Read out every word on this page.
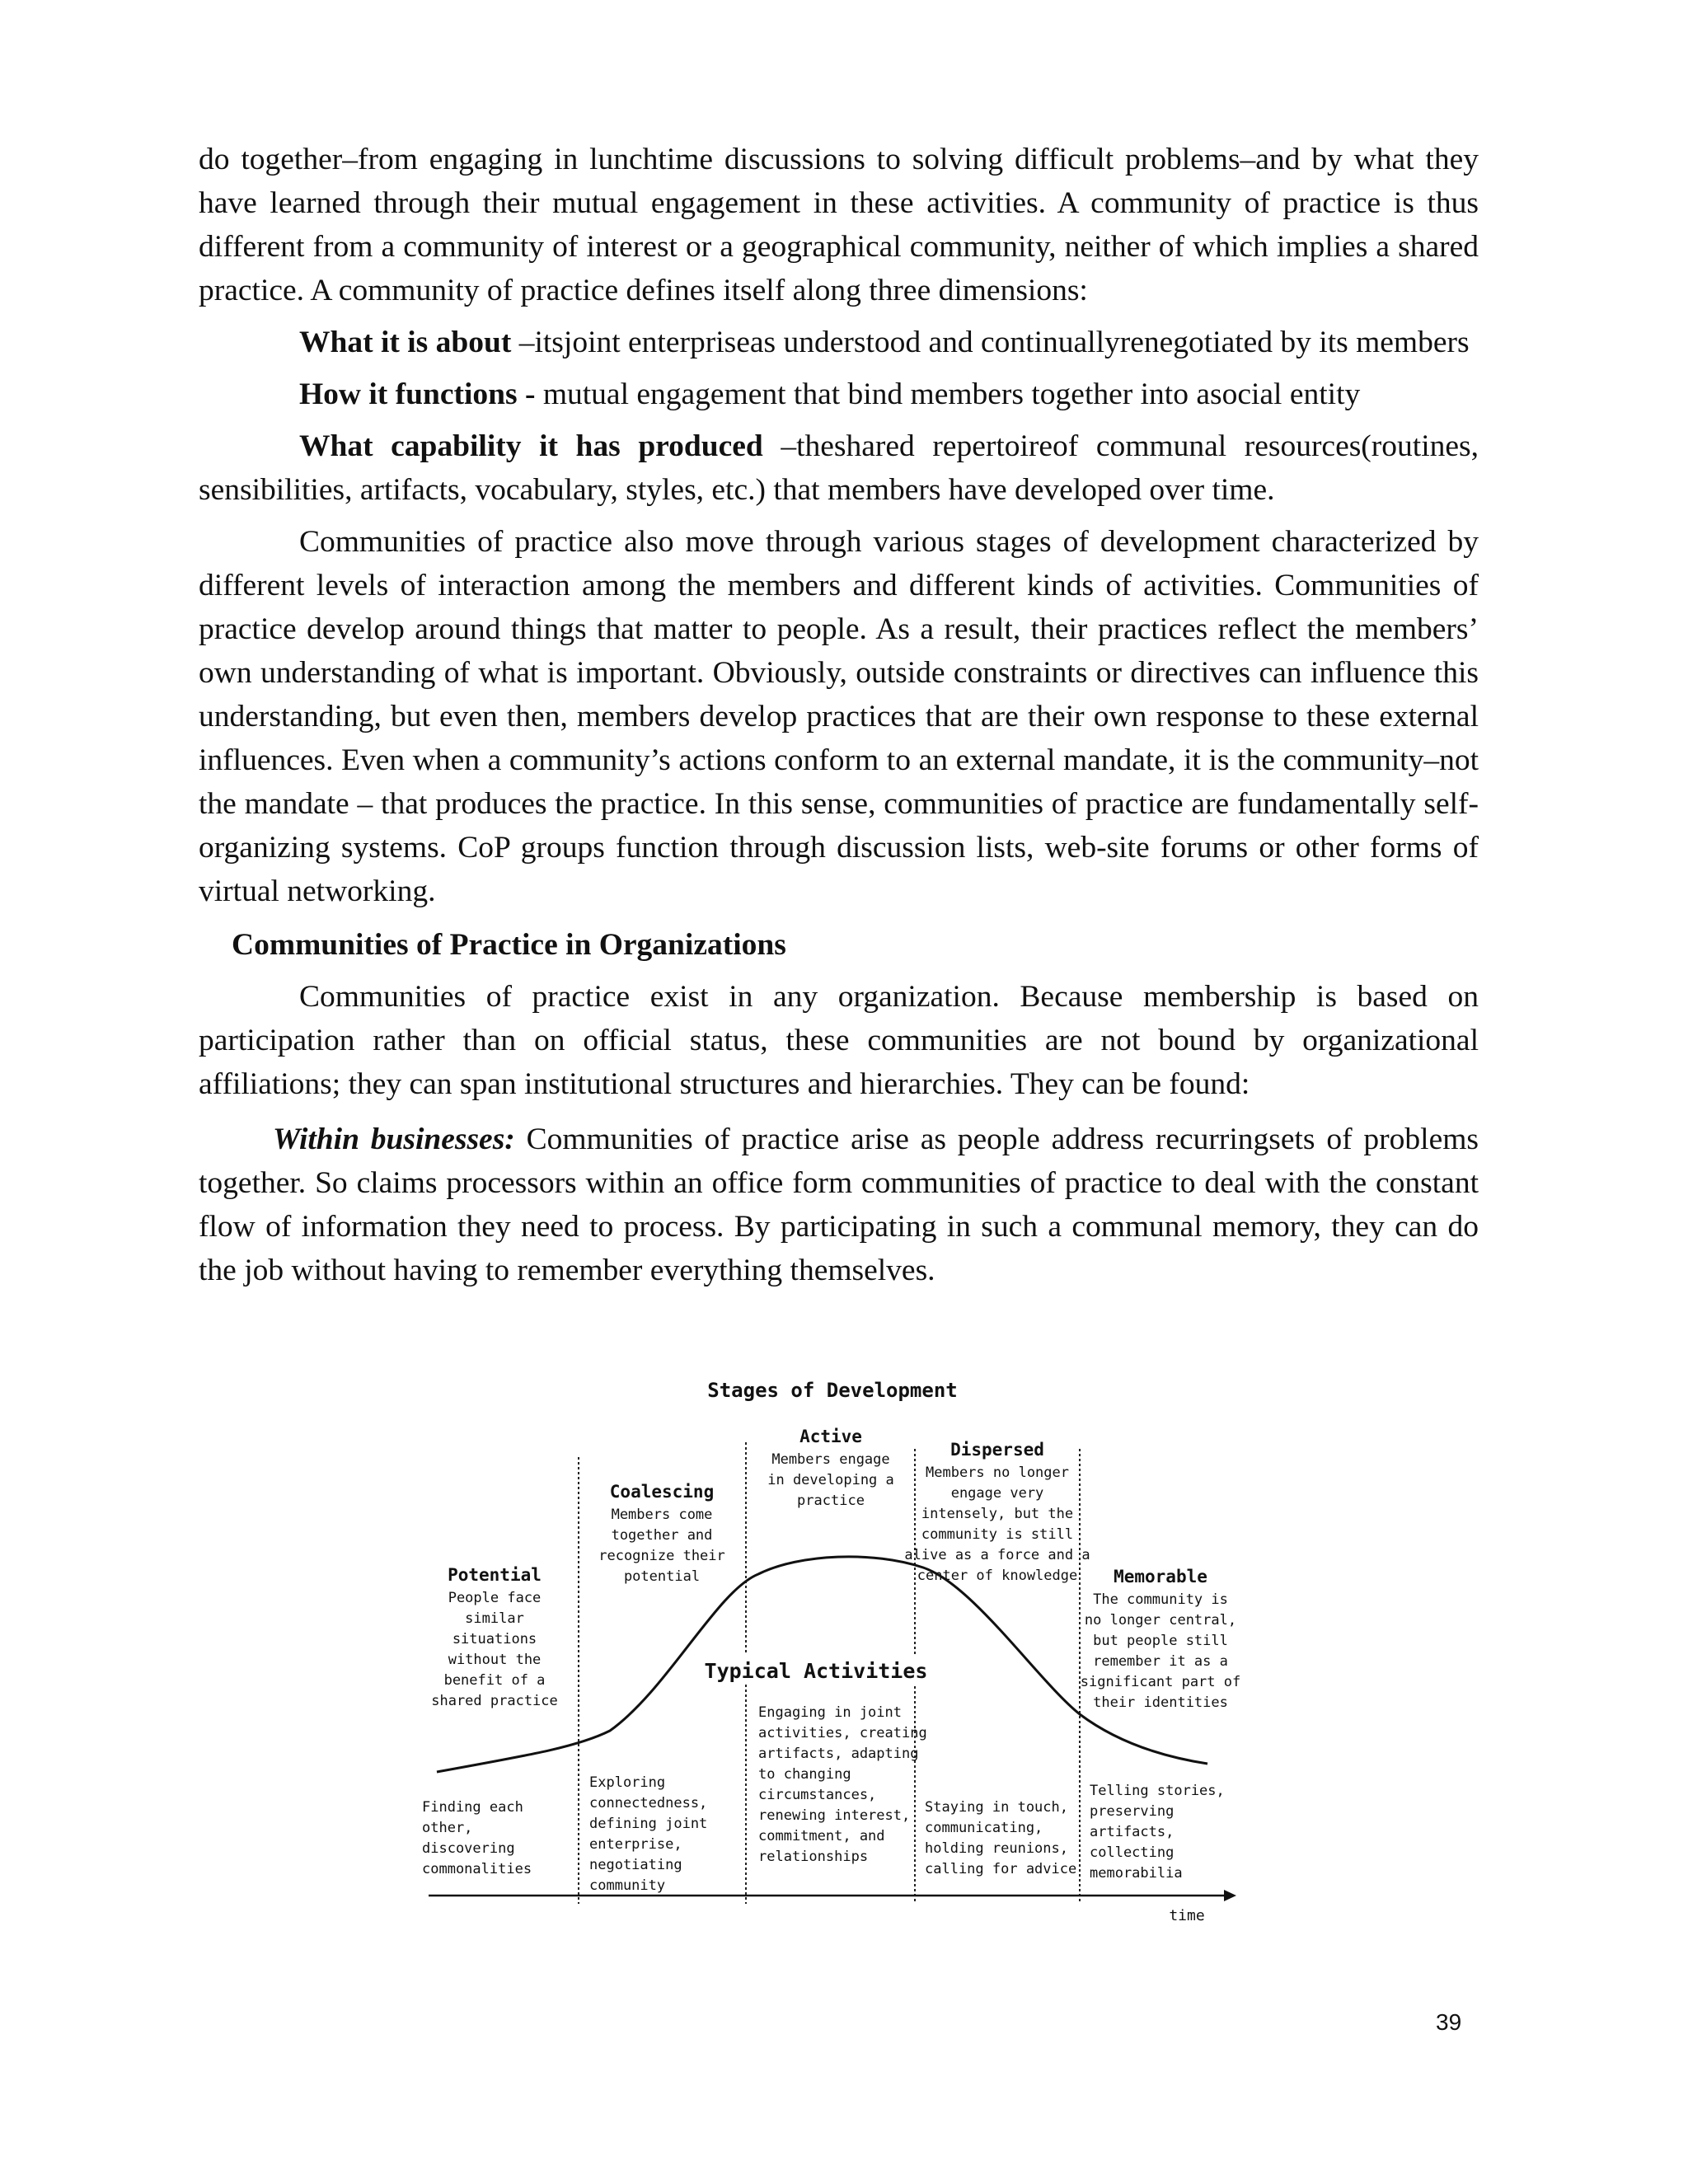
do together–from engaging in lunchtime discussions to solving difficult problems–and by what they have learned through their mutual engagement in these activities. A community of practice is thus different from a community of interest or a geographical community, neither of which implies a shared practice. A community of practice defines itself along three dimensions:

What it is about –itsjoint enterpriseas understood and continuallyrenegotiated by its members

How it functions - mutual engagement that bind members together into asocial entity

What capability it has produced –theshared repertoireof communal resources(routines, sensibilities, artifacts, vocabulary, styles, etc.) that members have developed over time.

Communities of practice also move through various stages of development characterized by different levels of interaction among the members and different kinds of activities. Communities of practice develop around things that matter to people. As a result, their practices reflect the members’ own understanding of what is important. Obviously, outside constraints or directives can influence this understanding, but even then, members develop practices that are their own response to these external influences. Even when a community’s actions conform to an external mandate, it is the community–not the mandate – that produces the practice. In this sense, communities of practice are fundamentally self-organizing systems. CoP groups function through discussion lists, web-site forums or other forms of virtual networking.

Communities of Practice in Organizations

Communities of practice exist in any organization. Because membership is based on participation rather than on official status, these communities are not bound by organizational affiliations; they can span institutional structures and hierarchies. They can be found:

Within businesses: Communities of practice arise as people address recurringsets of problems together. So claims processors within an office form communities of practice to deal with the constant flow of information they need to process. By participating in such a communal memory, they can do the job without having to remember everything themselves.

Stages of Development
Typical Activities
time
Potential
People face
similar
situations
without the
benefit of a
shared practice
Finding each
other,
discovering
commonalities
Coalescing
Members come
together and
recognize their
potential
Exploring
connectedness,
defining joint
enterprise,
negotiating
community
Active
Members engage
in developing a
practice
Engaging in joint
activities, creating
artifacts, adapting
to changing
circumstances,
renewing interest,
commitment, and
relationships
Dispersed
Members no longer
engage very
intensely, but the
community is still
alive as a force and a
center of knowledge
Staying in touch,
communicating,
holding reunions,
calling for advice
Memorable
The community is
no longer central,
but people still
remember it as a
significant part of
their identities
Telling stories,
preserving
artifacts,
collecting
memorabilia
39
